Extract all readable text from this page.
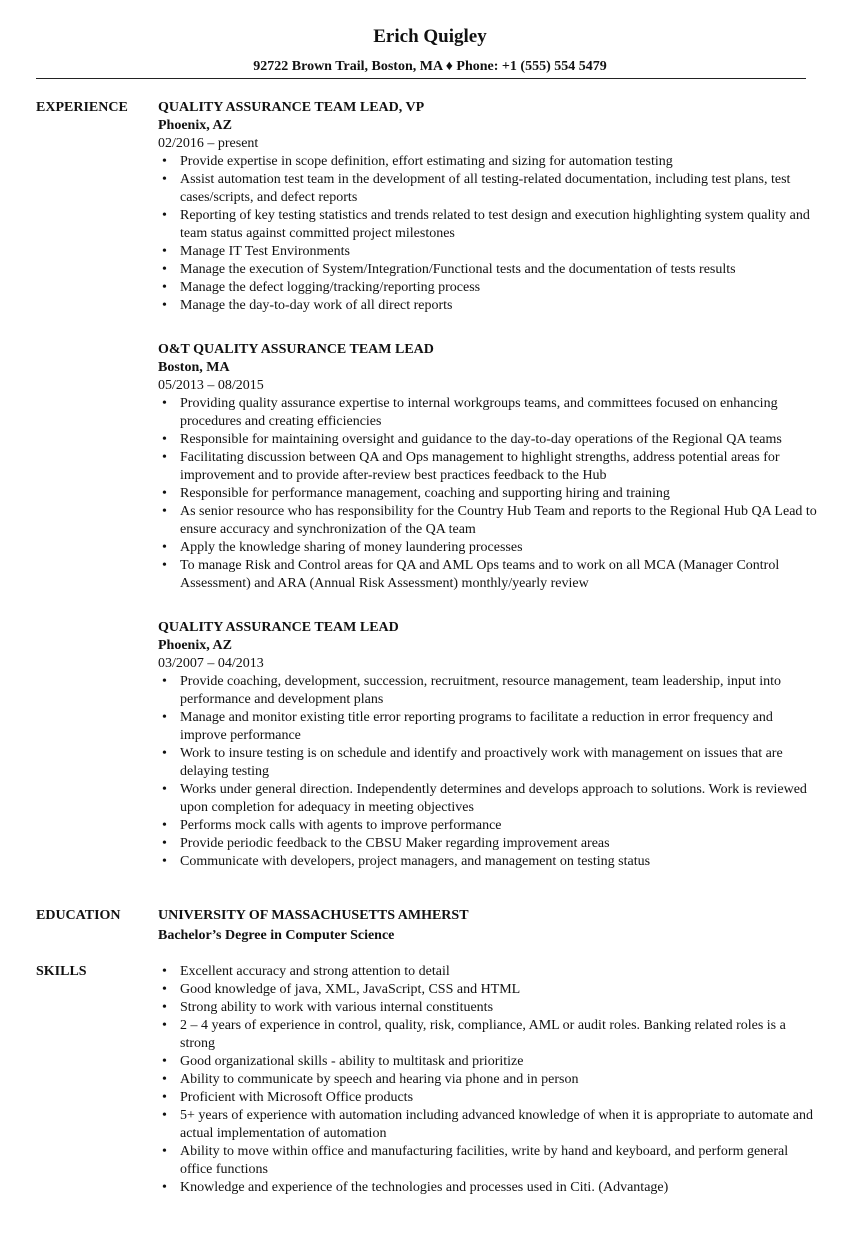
Erich Quigley
92722 Brown Trail, Boston, MA ♦ Phone: +1 (555) 554 5479
EXPERIENCE QUALITY ASSURANCE TEAM LEAD, VP
Phoenix, AZ
02/2016 – present
• Provide expertise in scope definition, effort estimating and sizing for automation testing
• Assist automation test team in the development of all testing-related documentation, including test plans, test cases/scripts, and defect reports
• Reporting of key testing statistics and trends related to test design and execution highlighting system quality and team status against committed project milestones
• Manage IT Test Environments
• Manage the execution of System/Integration/Functional tests and the documentation of tests results
• Manage the defect logging/tracking/reporting process
• Manage the day-to-day work of all direct reports
O&T QUALITY ASSURANCE TEAM LEAD
Boston, MA
05/2013 – 08/2015
• Providing quality assurance expertise to internal workgroups teams, and committees focused on enhancing procedures and creating efficiencies
• Responsible for maintaining oversight and guidance to the day-to-day operations of the Regional QA teams
• Facilitating discussion between QA and Ops management to highlight strengths, address potential areas for improvement and to provide after-review best practices feedback to the Hub
• Responsible for performance management, coaching and supporting hiring and training
• As senior resource who has responsibility for the Country Hub Team and reports to the Regional Hub QA Lead to ensure accuracy and synchronization of the QA team
• Apply the knowledge sharing of money laundering processes
• To manage Risk and Control areas for QA and AML Ops teams and to work on all MCA (Manager Control Assessment) and ARA (Annual Risk Assessment) monthly/yearly review
QUALITY ASSURANCE TEAM LEAD
Phoenix, AZ
03/2007 – 04/2013
• Provide coaching, development, succession, recruitment, resource management, team leadership, input into performance and development plans
• Manage and monitor existing title error reporting programs to facilitate a reduction in error frequency and improve performance
• Work to insure testing is on schedule and identify and proactively work with management on issues that are delaying testing
• Works under general direction. Independently determines and develops approach to solutions. Work is reviewed upon completion for adequacy in meeting objectives
• Performs mock calls with agents to improve performance
• Provide periodic feedback to the CBSU Maker regarding improvement areas
• Communicate with developers, project managers, and management on testing status
EDUCATION	UNIVERSITY OF MASSACHUSETTS AMHERST
Bachelor’s Degree in Computer Science
SKILLS
•	Excellent accuracy and strong attention to detail
• Good knowledge of java, XML, JavaScript, CSS and HTML
• Strong ability to work with various internal constituents
• 2 – 4 years of experience in control, quality, risk, compliance, AML or audit roles. Banking related roles is a strong
• Good organizational skills - ability to multitask and prioritize
• Ability to communicate by speech and hearing via phone and in person
• Proficient with Microsoft Office products
• 5+ years of experience with automation including advanced knowledge of when it is appropriate to automate and actual implementation of automation
• Ability to move within office and manufacturing facilities, write by hand and keyboard, and perform general office functions
• Knowledge and experience of the technologies and processes used in Citi. (Advantage)
